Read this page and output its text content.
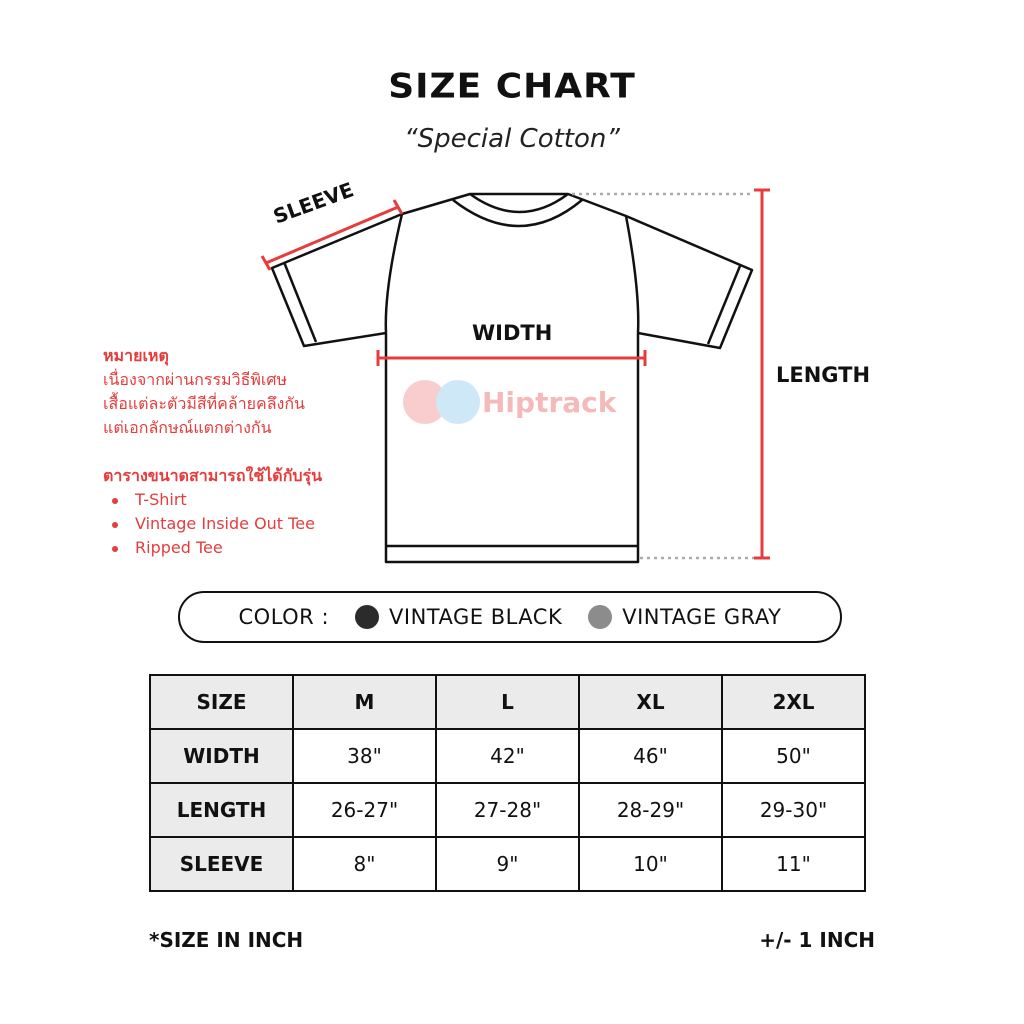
SIZE CHART
“Special Cotton”
SLEEVE
WIDTH
LENGTH
Hiptrack
หมายเหตุ
เนื่องจากผ่านกรรมวิธีพิเศษ
เสื้อแต่ละตัวมีสีที่คล้ายคลึงกัน
แต่เอกลักษณ์แตกต่างกัน
ตารางขนาดสามารถใช้ได้กับรุ่น
T-Shirt
Vintage Inside Out Tee
Ripped Tee
COLOR :	VINTAGE BLACK	VINTAGE GRAY
SIZE	M	L	XL	2XL
WIDTH	38"	42"	46"	50"
LENGTH	26-27"	27-28"	28-29"	29-30"
SLEEVE	8"	9"	10"	11"
*SIZE IN INCH	+/- 1 INCH
